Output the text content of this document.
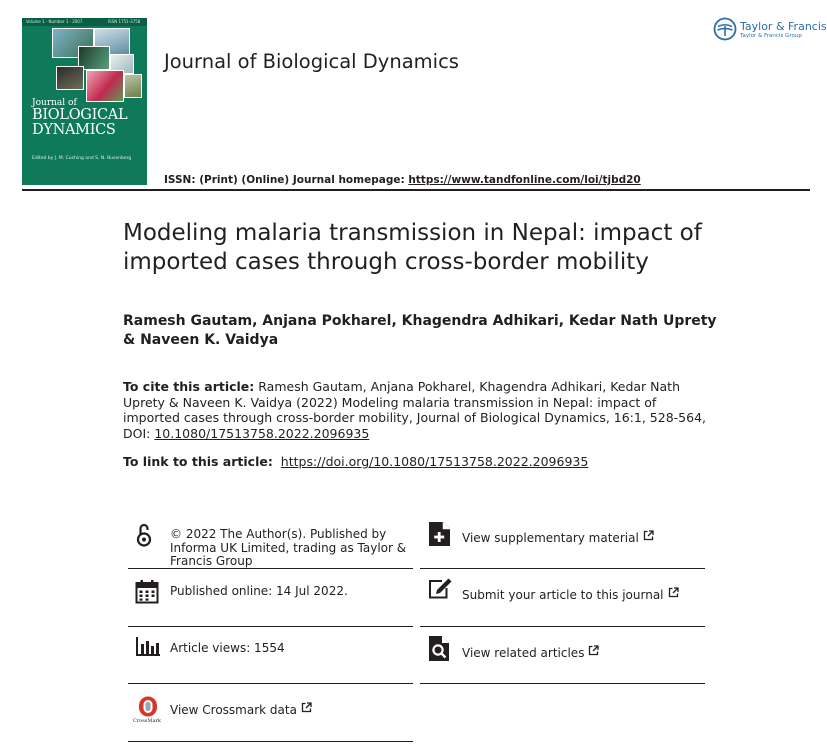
Volume 1 · Number 1 · 2007	ISSN 1751-3758
Journal of
BIOLOGICAL
DYNAMICS
Edited by J. M. Cushing and S. N. Busenberg
Journal of Biological Dynamics
Taylor & Francis
Taylor & Francis Group
ISSN: (Print) (Online) Journal homepage: https://www.tandfonline.com/loi/tjbd20
Modeling malaria transmission in Nepal: impact of imported cases through cross-border mobility
Ramesh Gautam, Anjana Pokharel, Khagendra Adhikari, Kedar Nath Uprety & Naveen K. Vaidya
To cite this article: Ramesh Gautam, Anjana Pokharel, Khagendra Adhikari, Kedar Nath Uprety & Naveen K. Vaidya (2022) Modeling malaria transmission in Nepal: impact of imported cases through cross-border mobility, Journal of Biological Dynamics, 16:1, 528-564, DOI: 10.1080/17513758.2022.2096935
To link to this article: https://doi.org/10.1080/17513758.2022.2096935
© 2022 The Author(s). Published by Informa UK Limited, trading as Taylor & Francis Group
Published online: 14 Jul 2022.
Article views: 1554
CrossMark
View Crossmark data
View supplementary material
Submit your article to this journal
View related articles
